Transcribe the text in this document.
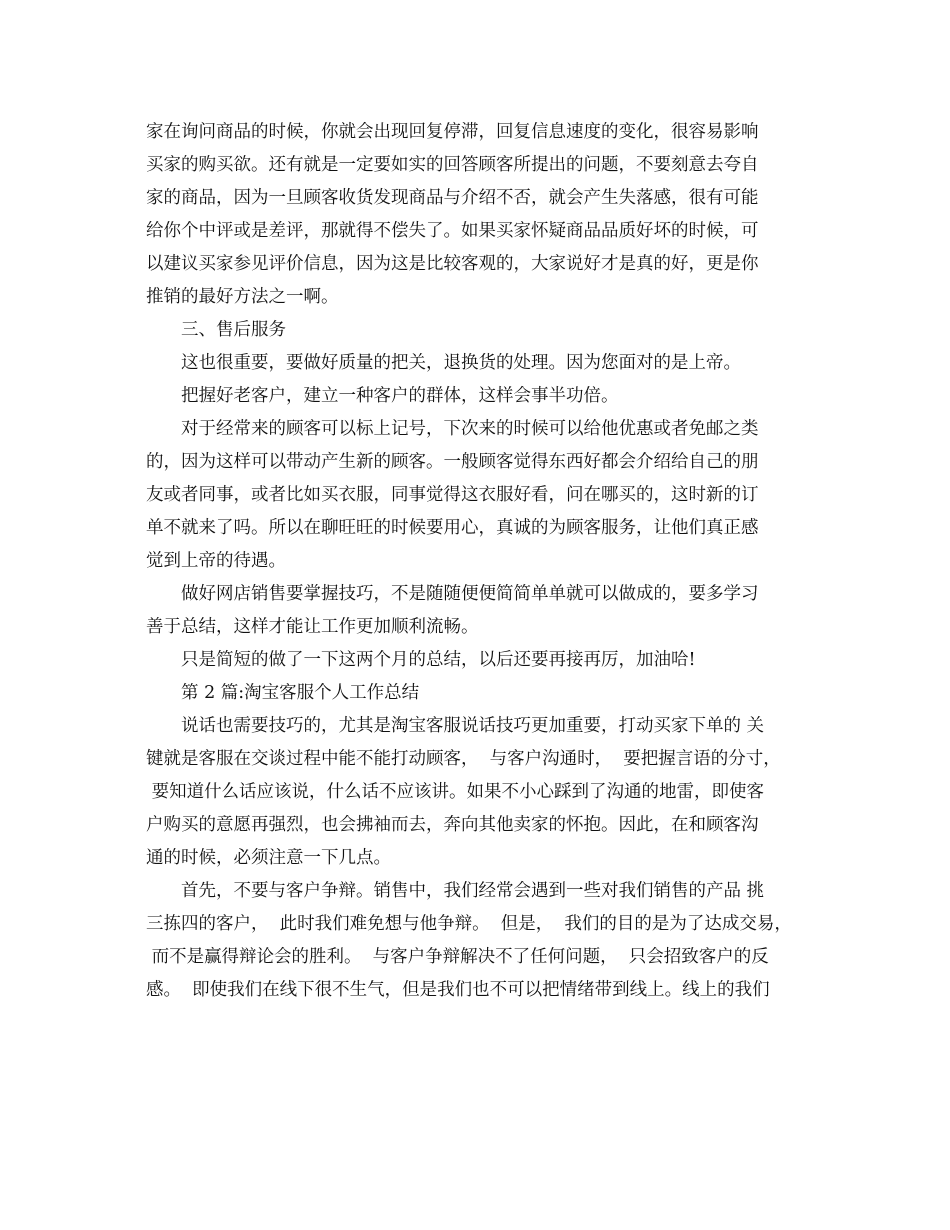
家在询问商品的时候，你就会出现回复停滞，回复信息速度的变化，很容易影响
买家的购买欲。还有就是一定要如实的回答顾客所提出的问题，不要刻意去夸自
家的商品，因为一旦顾客收货发现商品与介绍不否，就会产生失落感，很有可能
给你个中评或是差评，那就得不偿失了。如果买家怀疑商品品质好坏的时候，可
以建议买家参见评价信息，因为这是比较客观的，大家说好才是真的好，更是你
推销的最好方法之一啊。
三、售后服务
这也很重要，要做好质量的把关，退换货的处理。因为您面对的是上帝。
把握好老客户，建立一种客户的群体，这样会事半功倍。
对于经常来的顾客可以标上记号，下次来的时候可以给他优惠或者免邮之类
的，因为这样可以带动产生新的顾客。一般顾客觉得东西好都会介绍给自己的朋
友或者同事，或者比如买衣服，同事觉得这衣服好看，问在哪买的，这时新的订
单不就来了吗。所以在聊旺旺的时候要用心，真诚的为顾客服务，让他们真正感
觉到上帝的待遇。
做好网店销售要掌握技巧，不是随随便便简简单单就可以做成的，要多学习
善于总结，这样才能让工作更加顺利流畅。
只是简短的做了一下这两个月的总结，以后还要再接再厉，加油哈!
第 2 篇:淘宝客服个人工作总结
说话也需要技巧的，尤其是淘宝客服说话技巧更加重要，打动买家下单的 关
键就是客服在交谈过程中能不能打动顾客，  与客户沟通时，  要把握言语的分寸，
要知道什么话应该说，什么话不应该讲。如果不小心踩到了沟通的地雷，即使客
户购买的意愿再强烈，也会拂袖而去，奔向其他卖家的怀抱。因此，在和顾客沟
通的时候，必须注意一下几点。
首先，不要与客户争辩。销售中，我们经常会遇到一些对我们销售的产品 挑
三拣四的客户，  此时我们难免想与他争辩。  但是，  我们的目的是为了达成交易，
而不是赢得辩论会的胜利。  与客户争辩解决不了任何问题，  只会招致客户的反
感。  即使我们在线下很不生气，但是我们也不可以把情绪带到线上。线上的我们
